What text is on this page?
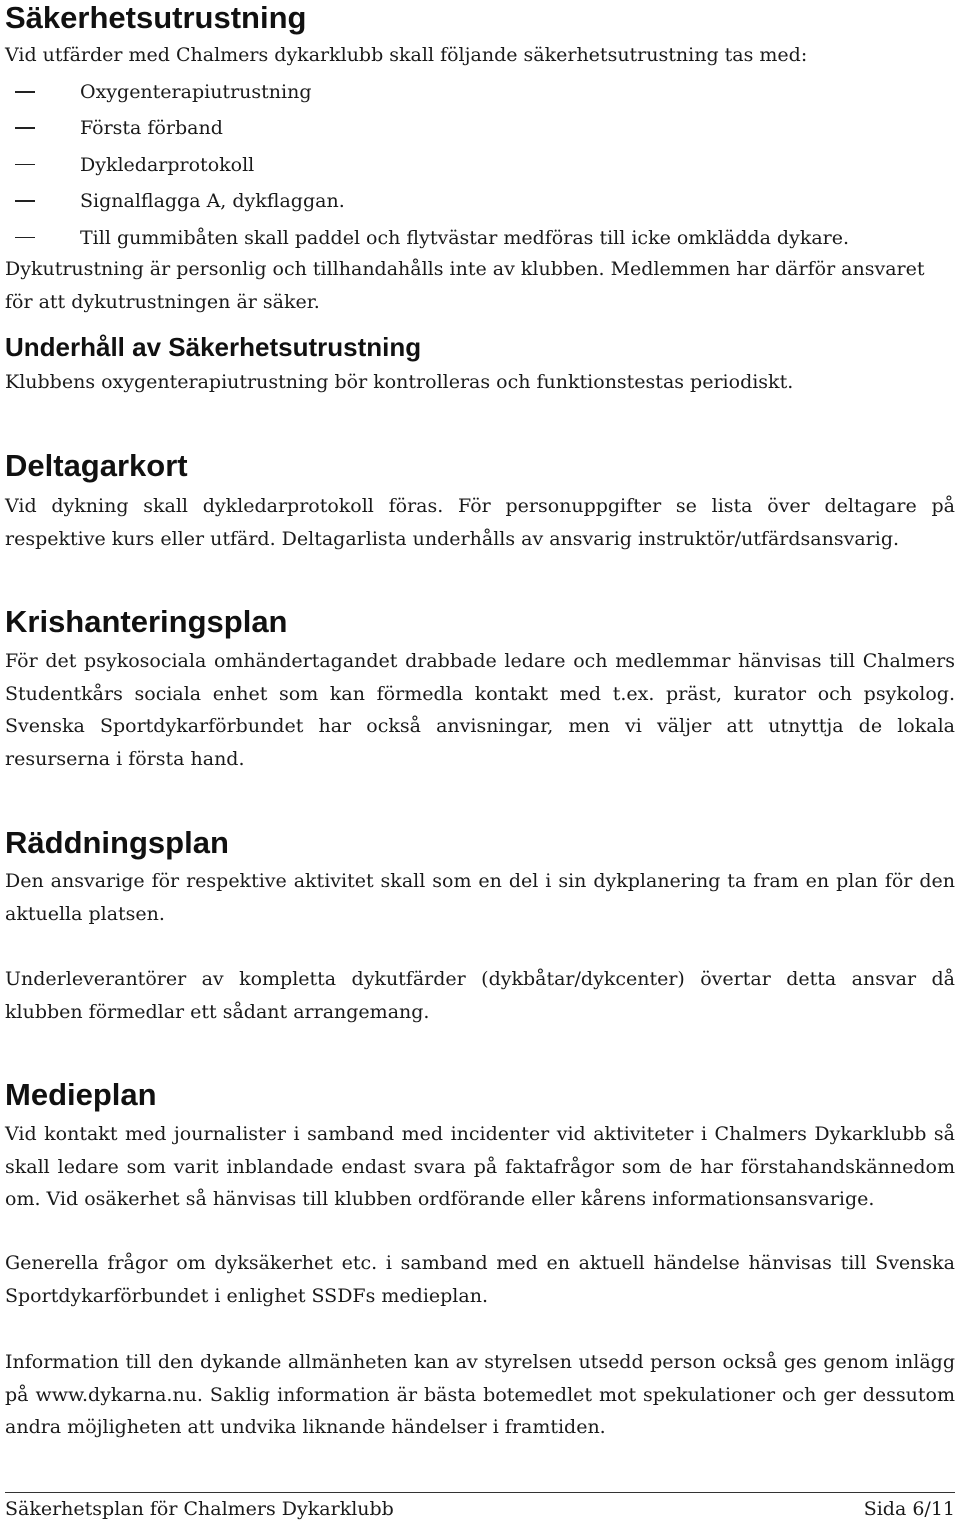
Säkerhetsutrustning

Vid utfärder med Chalmers dykarklubb skall följande säkerhetsutrustning tas med:

Oxygenterapiutrustning
Första förband
Dykledarprotokoll
Signalflagga A, dykflaggan.
Till gummibåten skall paddel och flytvästar medföras till icke omklädda dykare.

Dykutrustning är personlig och tillhandahålls inte av klubben. Medlemmen har därför ansvaret för att dykutrustningen är säker.

Underhåll av Säkerhetsutrustning

Klubbens oxygenterapiutrustning bör kontrolleras och funktionstestas periodiskt.

Deltagarkort

Vid dykning skall dykledarprotokoll föras. För personuppgifter se lista över deltagare på respektive kurs eller utfärd. Deltagarlista underhålls av ansvarig instruktör/utfärdsansvarig.

Krishanteringsplan

För det psykosociala omhändertagandet drabbade ledare och medlemmar hänvisas till Chalmers Studentkårs sociala enhet som kan förmedla kontakt med t.ex. präst, kurator och psykolog. Svenska Sportdykarförbundet har också anvisningar, men vi väljer att utnyttja de lokala resurserna i första hand.

Räddningsplan

Den ansvarige för respektive aktivitet skall som en del i sin dykplanering ta fram en plan för den aktuella platsen.

Underleverantörer av kompletta dykutfärder (dykbåtar/dykcenter) övertar detta ansvar då klubben förmedlar ett sådant arrangemang.

Medieplan

Vid kontakt med journalister i samband med incidenter vid aktiviteter i Chalmers Dykarklubb så skall ledare som varit inblandade endast svara på faktafrågor som de har förstahandskännedom om. Vid osäkerhet så hänvisas till klubben ordförande eller kårens informationsansvarige.

Generella frågor om dyksäkerhet etc. i samband med en aktuell händelse hänvisas till Svenska Sportdykarförbundet i enlighet SSDFs medieplan.

Information till den dykande allmänheten kan av styrelsen utsedd person också ges genom inlägg på www.dykarna.nu. Saklig information är bästa botemedlet mot spekulationer och ger dessutom andra möjligheten att undvika liknande händelser i framtiden.

Säkerhetsplan för Chalmers Dykarklubb	Sida 6/11
